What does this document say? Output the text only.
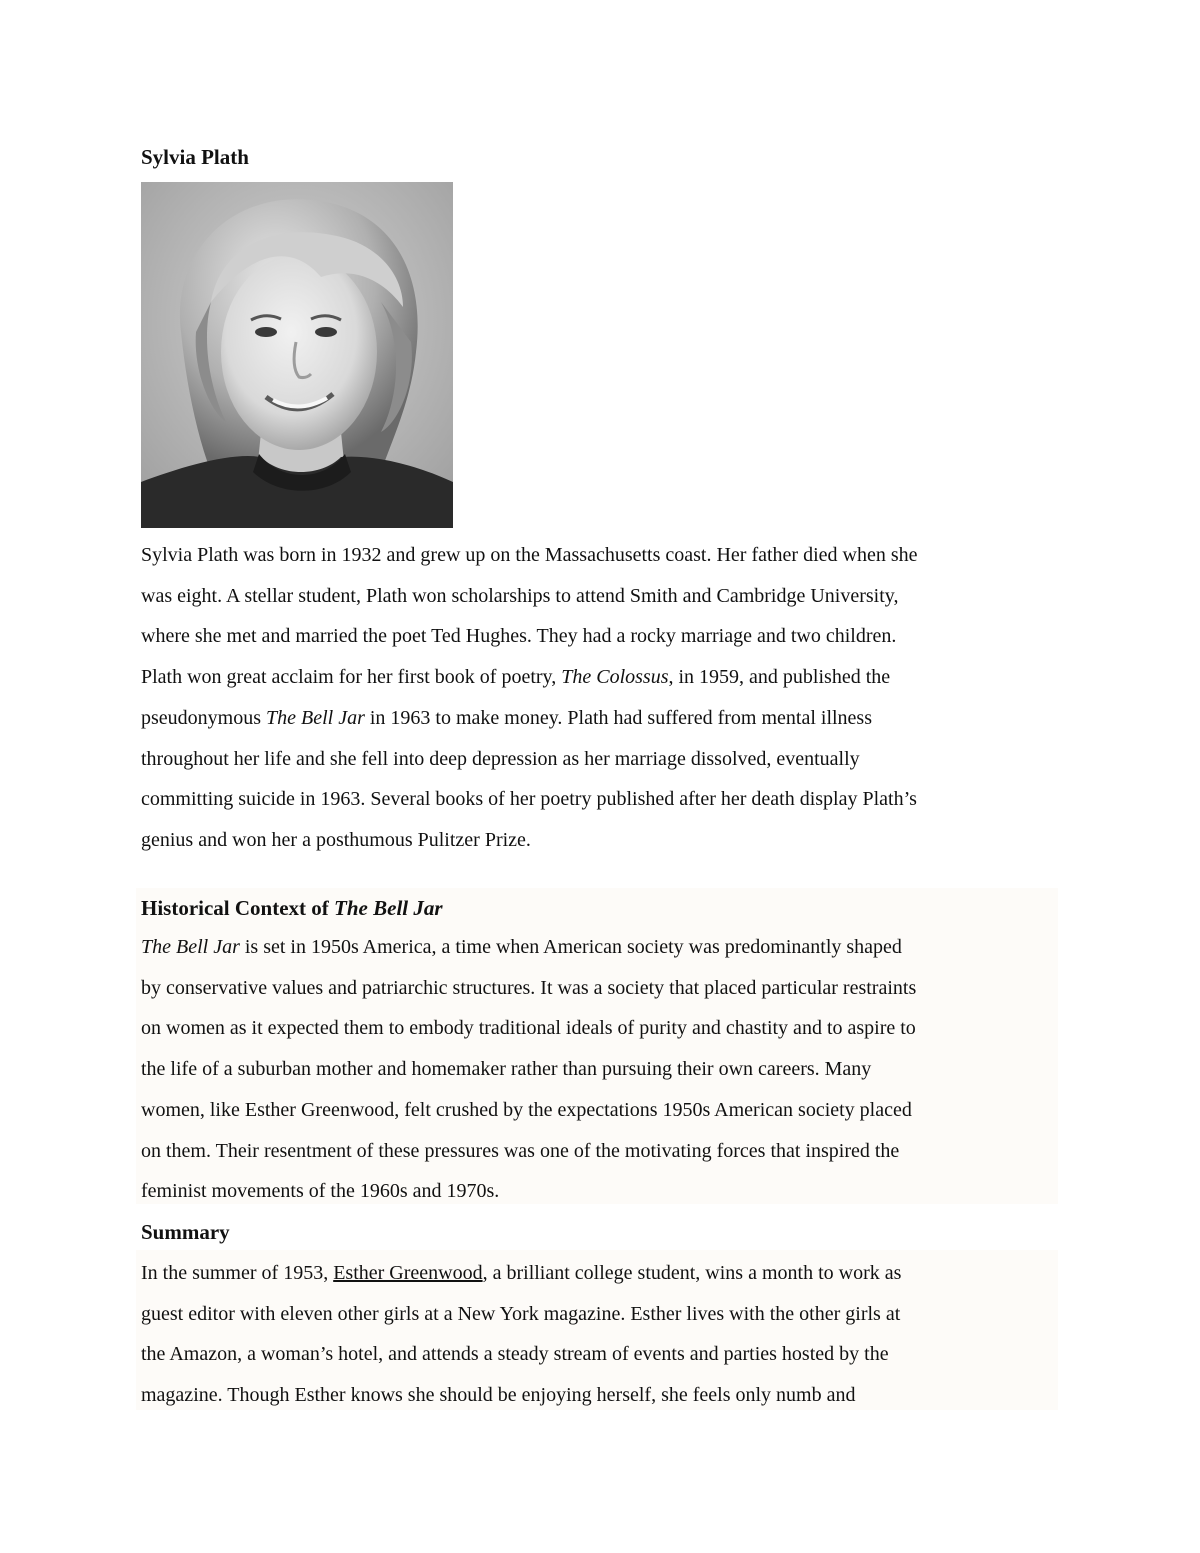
Sylvia Plath

Sylvia Plath was born in 1932 and grew up on the Massachusetts coast. Her father died when she
was eight. A stellar student, Plath won scholarships to attend Smith and Cambridge University,
where she met and married the poet Ted Hughes. They had a rocky marriage and two children.
Plath won great acclaim for her first book of poetry, The Colossus, in 1959, and published the
pseudonymous The Bell Jar in 1963 to make money. Plath had suffered from mental illness
throughout her life and she fell into deep depression as her marriage dissolved, eventually
committing suicide in 1963. Several books of her poetry published after her death display Plath’s
genius and won her a posthumous Pulitzer Prize.

Historical Context of The Bell Jar

The Bell Jar is set in 1950s America, a time when American society was predominantly shaped
by conservative values and patriarchic structures. It was a society that placed particular restraints
on women as it expected them to embody traditional ideals of purity and chastity and to aspire to
the life of a suburban mother and homemaker rather than pursuing their own careers. Many
women, like Esther Greenwood, felt crushed by the expectations 1950s American society placed
on them. Their resentment of these pressures was one of the motivating forces that inspired the
feminist movements of the 1960s and 1970s.

Summary

In the summer of 1953, Esther Greenwood, a brilliant college student, wins a month to work as
guest editor with eleven other girls at a New York magazine. Esther lives with the other girls at
the Amazon, a woman’s hotel, and attends a steady stream of events and parties hosted by the
magazine. Though Esther knows she should be enjoying herself, she feels only numb and
